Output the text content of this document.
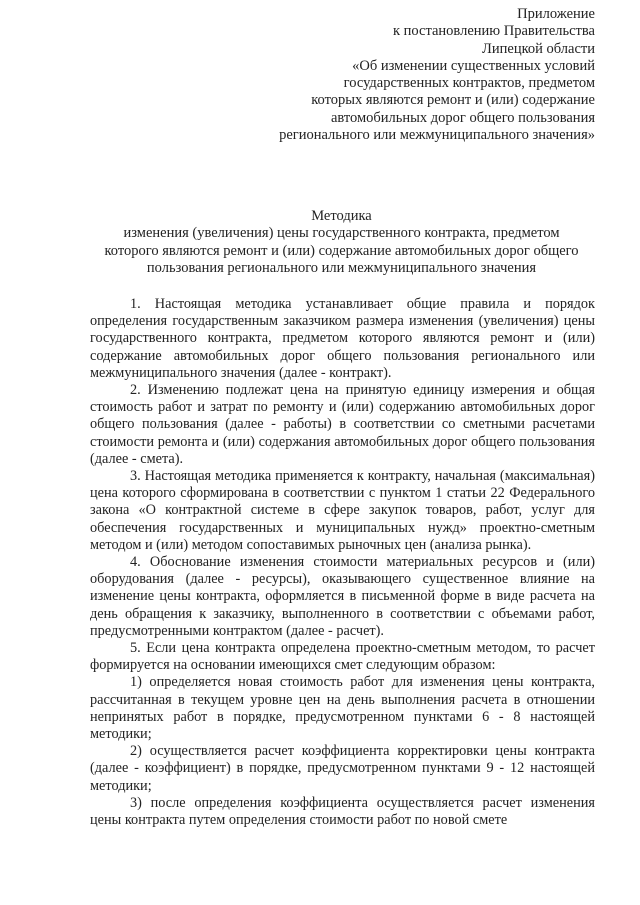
Приложение
к постановлению Правительства
Липецкой области
«Об изменении существенных условий
государственных контрактов, предметом
которых являются ремонт и (или) содержание
автомобильных дорог общего пользования
регионального или межмуниципального значения»
Методика
изменения (увеличения) цены государственного контракта, предметом
которого являются ремонт и (или) содержание автомобильных дорог общего
пользования регионального или межмуниципального значения

1. Настоящая методика устанавливает общие правила и порядок определения государственным заказчиком размера изменения (увеличения) цены государственного контракта, предметом которого являются ремонт и (или) содержание автомобильных дорог общего пользования регионального или межмуниципального значения (далее - контракт).

2. Изменению подлежат цена на принятую единицу измерения и общая стоимость работ и затрат по ремонту и (или) содержанию автомобильных дорог общего пользования (далее - работы) в соответствии со сметными расчетами стоимости ремонта и (или) содержания автомобильных дорог общего пользования (далее - смета).

3. Настоящая методика применяется к контракту, начальная (максимальная) цена которого сформирована в соответствии с пунктом 1 статьи 22 Федерального закона «О контрактной системе в сфере закупок товаров, работ, услуг для обеспечения государственных и муниципальных нужд» проектно-сметным методом и (или) методом сопоставимых рыночных цен (анализа рынка).

4. Обоснование изменения стоимости материальных ресурсов и (или) оборудования (далее - ресурсы), оказывающего существенное влияние на изменение цены контракта, оформляется в письменной форме в виде расчета на день обращения к заказчику, выполненного в соответствии с объемами работ, предусмотренными контрактом (далее - расчет).

5. Если цена контракта определена проектно-сметным методом, то расчет формируется на основании имеющихся смет следующим образом:

1) определяется новая стоимость работ для изменения цены контракта, рассчитанная в текущем уровне цен на день выполнения расчета в отношении непринятых работ в порядке, предусмотренном пунктами 6 - 8 настоящей методики;

2) осуществляется расчет коэффициента корректировки цены контракта (далее - коэффициент) в порядке, предусмотренном пунктами 9 - 12 настоящей методики;

3) после определения коэффициента осуществляется расчет изменения цены контракта путем определения стоимости работ по новой смете
